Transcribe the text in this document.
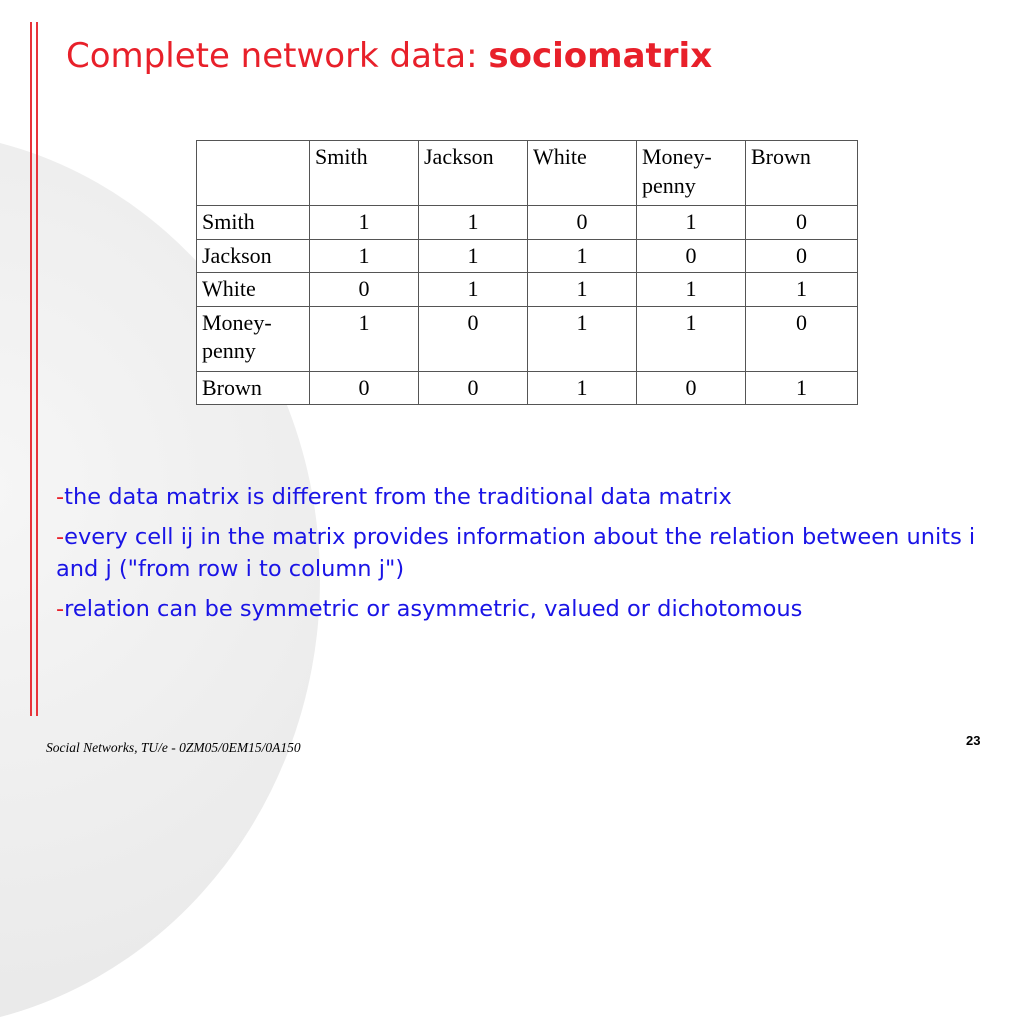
Complete network data: sociomatrix
	Smith	Jackson	White	Money-penny	Brown
Smith	1	1	0	1	0
Jackson	1	1	1	0	0
White	0	1	1	1	1
Money-penny	1	0	1	1	0
Brown	0	0	1	0	1

-the data matrix is different from the traditional data matrix

-every cell ij in the matrix provides information about the relation between units i and j ("from row i to column j")

-relation can be symmetric or asymmetric, valued or dichotomous

Social Networks, TU/e - 0ZM05/0EM15/0A150	23
